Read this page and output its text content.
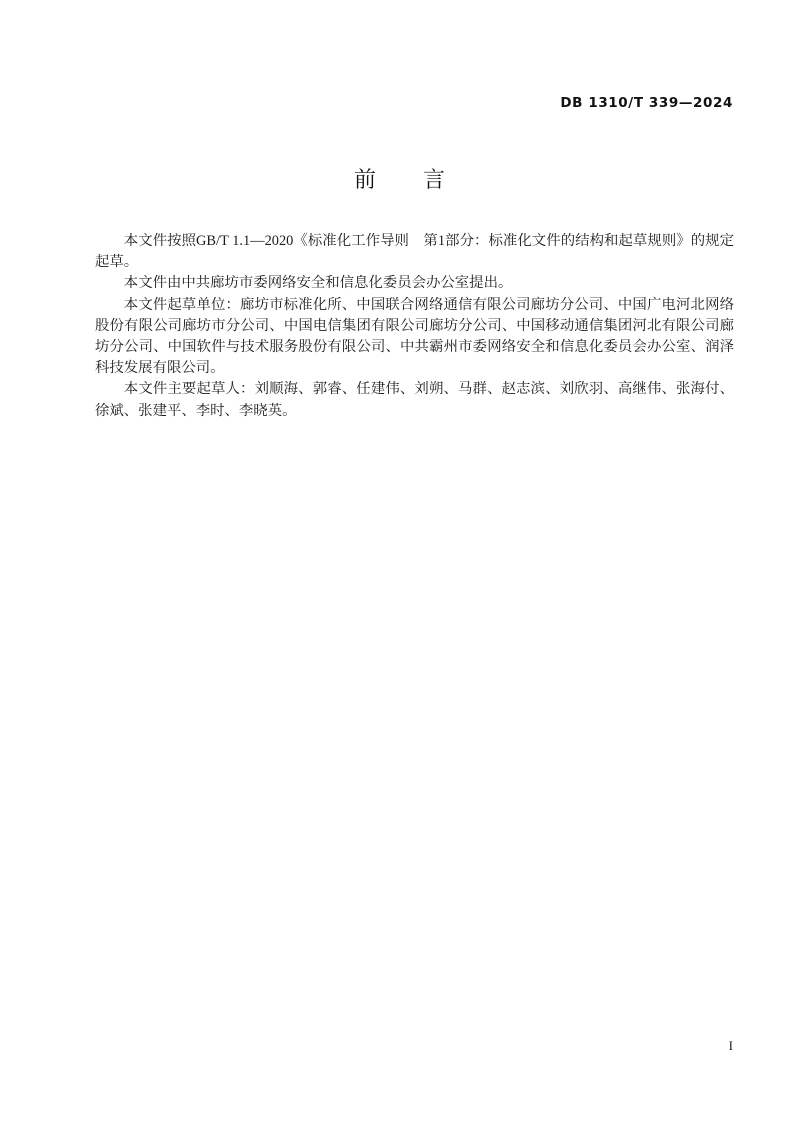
DB 1310/T 339—2024
前　　言

本文件按照GB/T 1.1—2020《标准化工作导则　第1部分：标准化文件的结构和起草规则》的规定起草。

本文件由中共廊坊市委网络安全和信息化委员会办公室提出。

本文件起草单位：廊坊市标准化所、中国联合网络通信有限公司廊坊分公司、中国广电河北网络股份有限公司廊坊市分公司、中国电信集团有限公司廊坊分公司、中国移动通信集团河北有限公司廊坊分公司、中国软件与技术服务股份有限公司、中共霸州市委网络安全和信息化委员会办公室、润泽科技发展有限公司。

本文件主要起草人：刘顺海、郭睿、任建伟、刘朔、马群、赵志滨、刘欣羽、高继伟、张海付、徐斌、张建平、李时、李晓英。

I
